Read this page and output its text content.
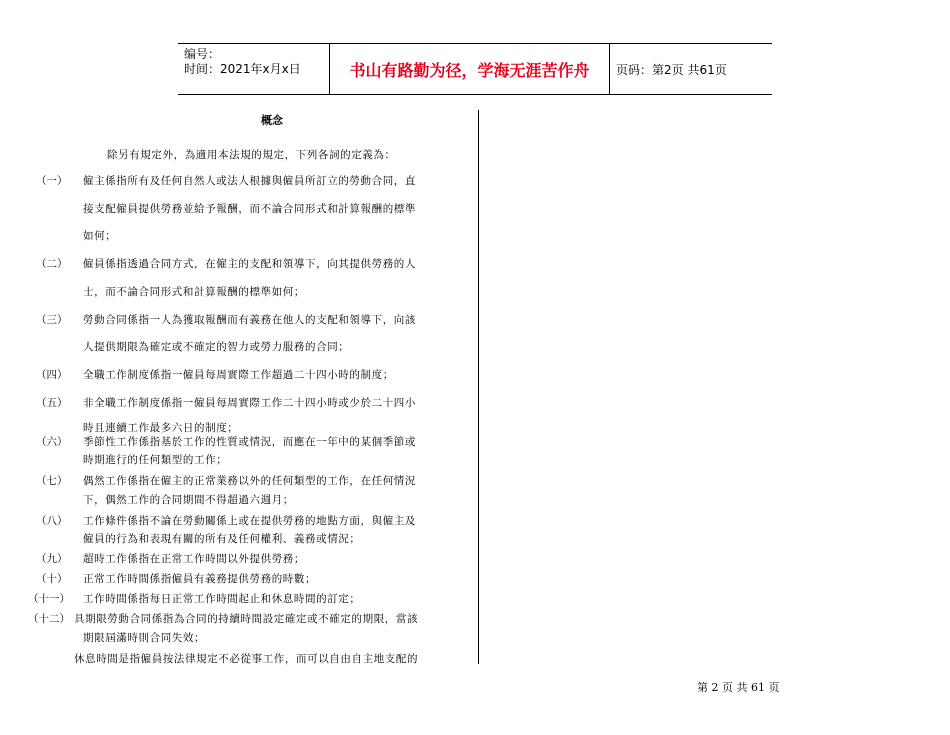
编号：
时间：2021年x月x日	书山有路勤为径，学海无涯苦作舟	页码：第2页 共61页
概念
除另有規定外，為適用本法規的規定，下列各詞的定義為：
（一） 僱主係指所有及任何自然人或法人根據與僱員所訂立的勞動合同，直
接支配僱員提供勞務並給予報酬，而不論合同形式和計算報酬的標準
如何；
（二） 僱員係指透過合同方式，在僱主的支配和領導下，向其提供勞務的人
士，而不論合同形式和計算報酬的標準如何；
（三） 勞動合同係指一人為獲取報酬而有義務在他人的支配和領導下，向該
人提供期限為確定或不確定的智力或勞力服務的合同；
（四） 全職工作制度係指一僱員每周實際工作超過二十四小時的制度；
（五） 非全職工作制度係指一僱員每周實際工作二十四小時或少於二十四小
時且連續工作最多六日的制度；
（六） 季節性工作係指基於工作的性質或情況，而應在一年中的某個季節或
時期進行的任何類型的工作；
（七） 偶然工作係指在僱主的正常業務以外的任何類型的工作，在任何情況
下，偶然工作的合同期間不得超過六週月；
（八） 工作條件係指不論在勞動關係上或在提供勞務的地點方面，與僱主及
僱員的行為和表現有關的所有及任何權利、義務或情況；
（九） 超時工作係指在正常工作時間以外提供勞務；
（十） 正常工作時間係指僱員有義務提供勞務的時數；
（十一） 工作時間係指每日正常工作時間起止和休息時間的訂定；
（十二） 具期限勞動合同係指為合同的持續時間設定確定或不確定的期限，當該
期限屆滿時則合同失效；
休息時間是指僱員按法律規定不必從事工作，而可以自由自主地支配的
第 2 页 共 61 页
